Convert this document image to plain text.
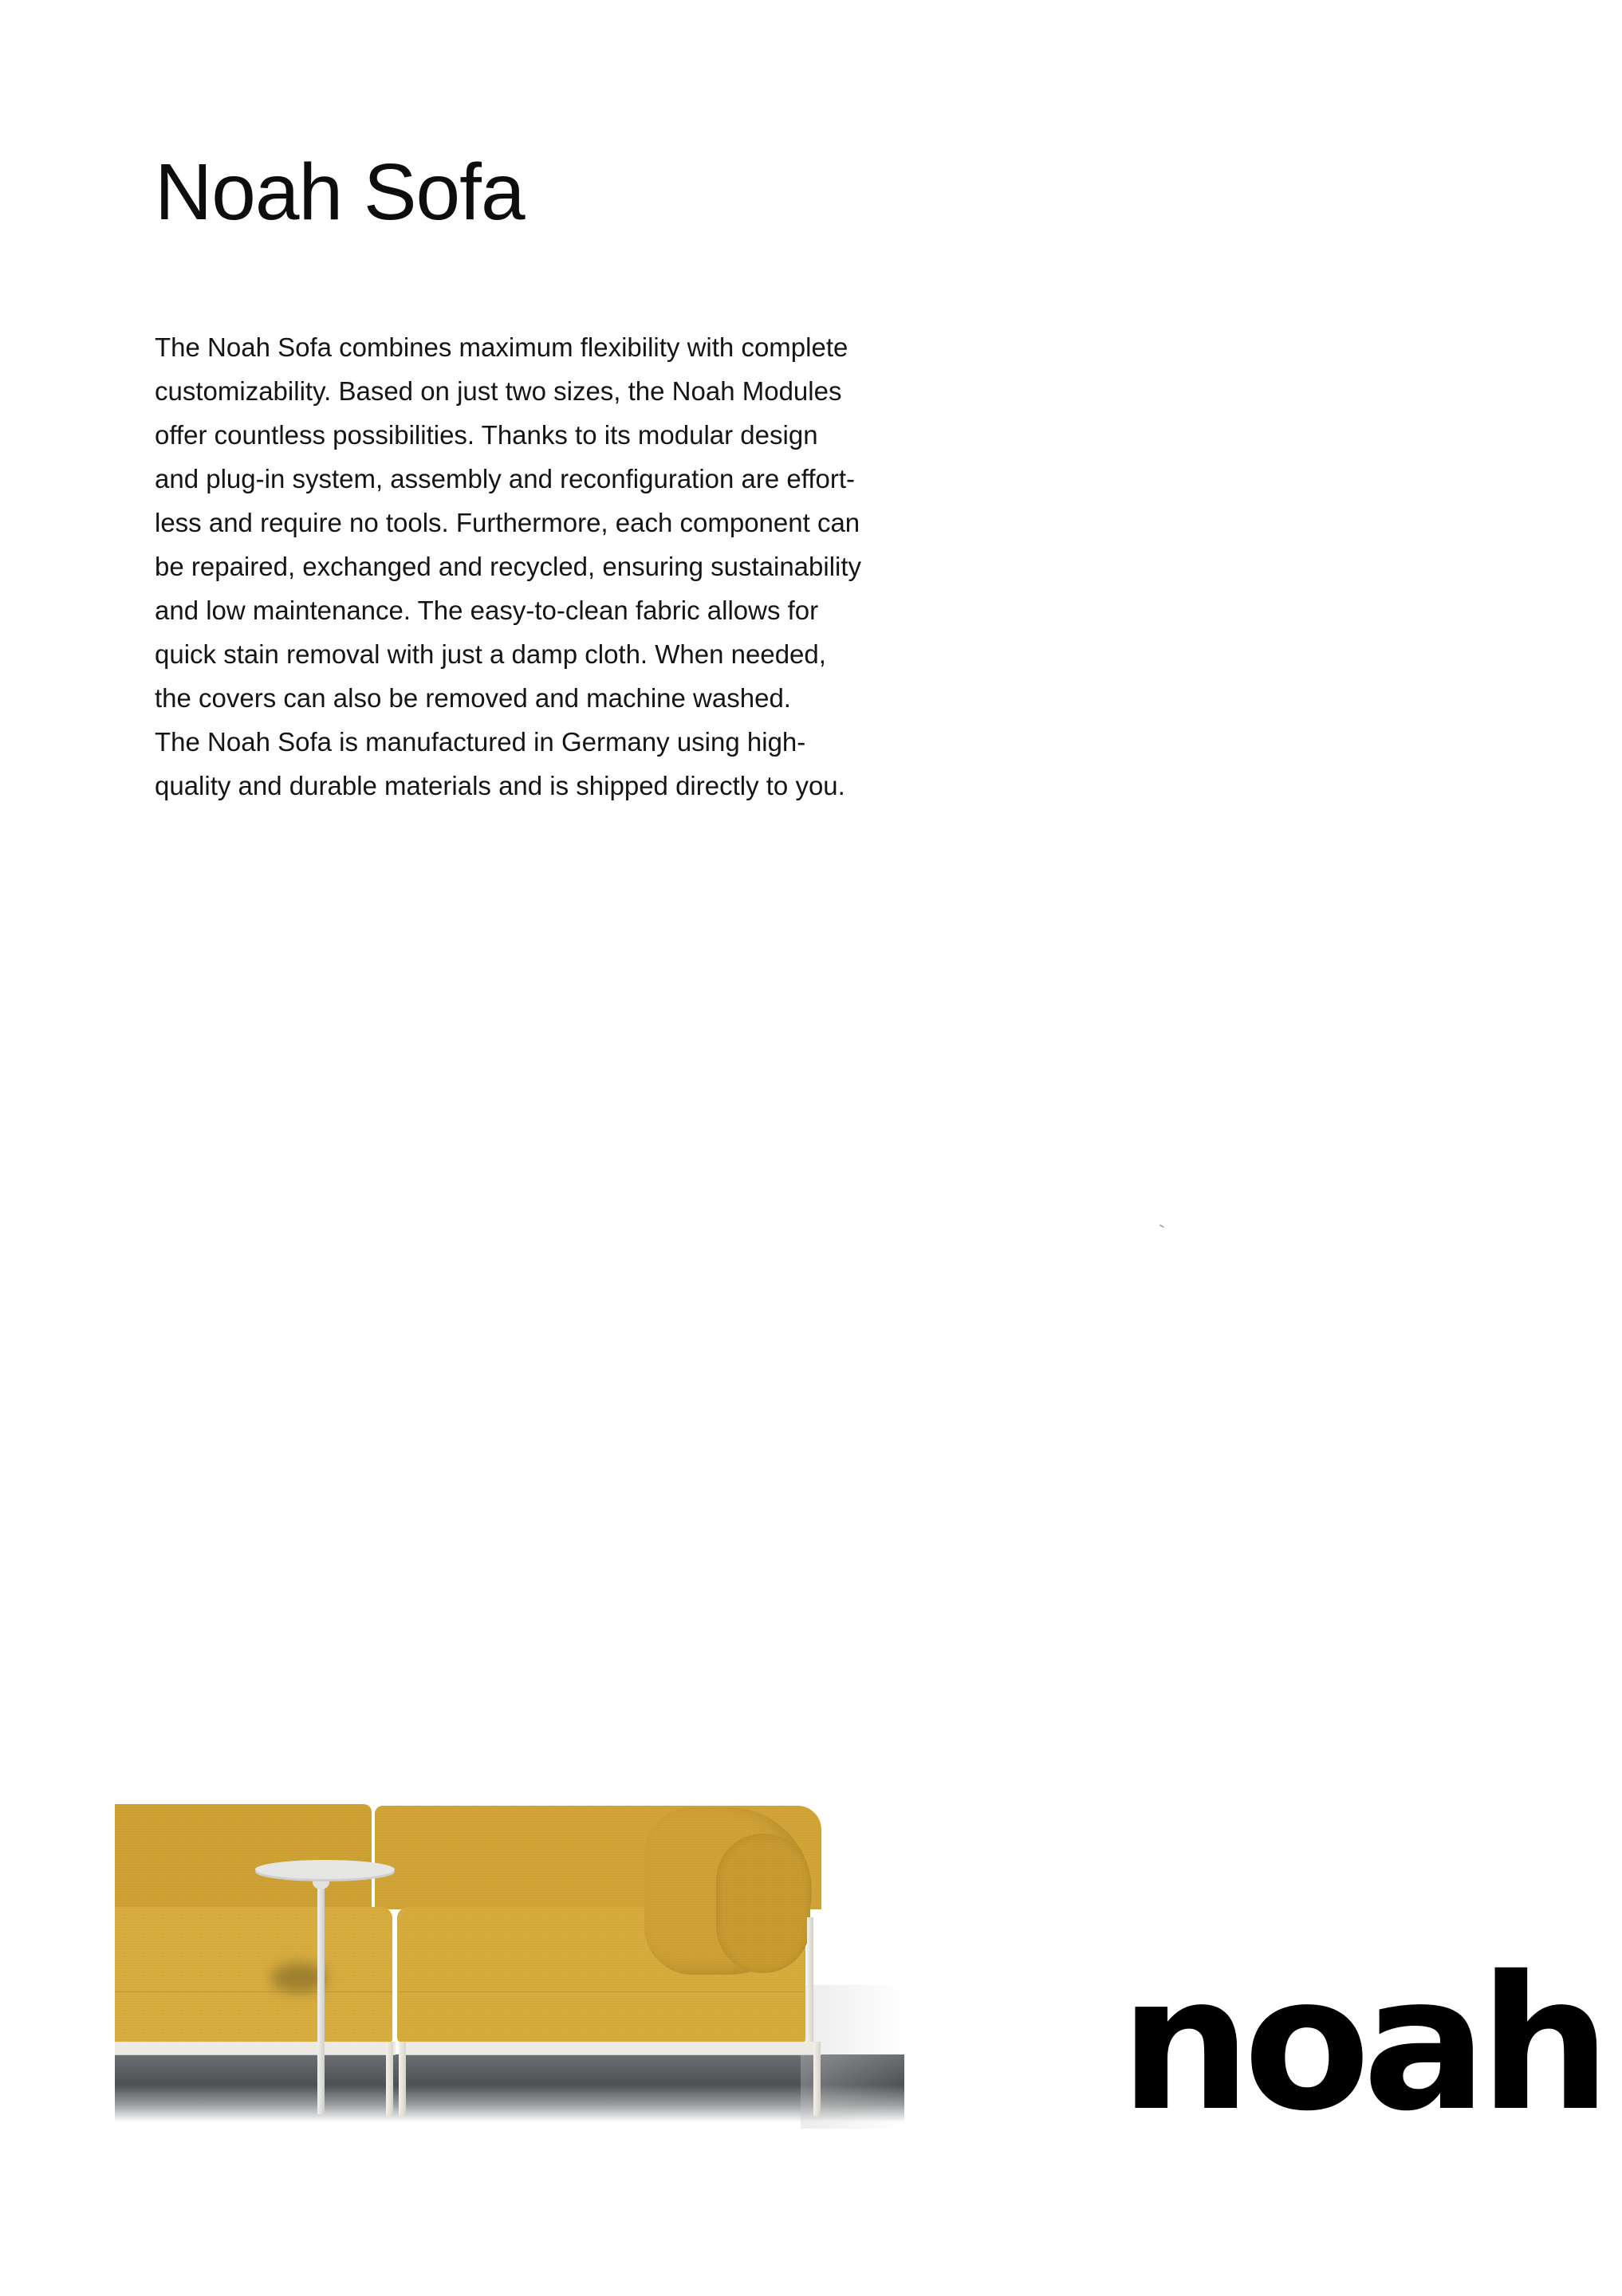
Noah Sofa

The Noah Sofa combines maximum flexibility with complete
customizability. Based on just two sizes, the Noah Modules
offer countless possibilities. Thanks to its modular design
and plug-in system, assembly and reconfiguration are effort-
less and require no tools. Furthermore, each component can
be repaired, exchanged and recycled, ensuring sustainability
and low maintenance. The easy-to-clean fabric allows for
quick stain removal with just a damp cloth. When needed,
the covers can also be removed and machine washed.
The Noah Sofa is manufactured in Germany using high-
quality and durable materials and is shipped directly to you.

noah
